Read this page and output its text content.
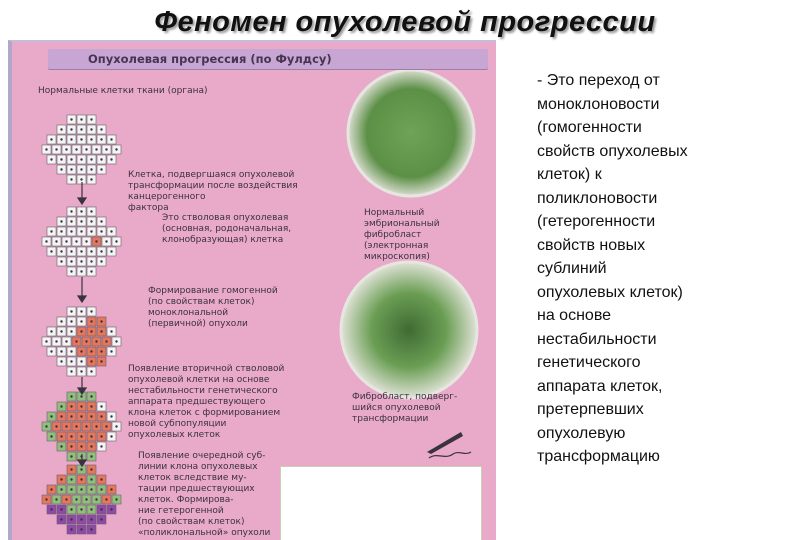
Феномен опухолевой прогрессии
Опухолевая прогрессия (по Фулдсу)
Нормальные клетки ткани (органа)
Клетка, подвергшаяся опухолевой
трансформации после воздействия
канцерогенного
фактора
Это стволовая опухолевая
(основная, родоначальная,
клонобразующая) клетка
Формирование гомогенной
(по свойствам клеток)
моноклональной
(первичной) опухоли
Появление вторичной стволовой
опухолевой клетки на основе
нестабильности генетического
аппарата предшествующего
клона клеток с формированием
новой субпопуляции
опухолевых клеток
Появление очередной суб-
линии клона опухолевых
клеток вследствие му-
тации предшествующих
клеток. Формирова-
ние гетерогенной
(по свойствам клеток)
«поликлональной» опухоли
Нормальный
эмбриональный
фибробласт
(электронная
микроскопия)
Фибробласт, подверг-
шийся опухолевой
трансформации
- Это переход от
моноклоновости
(гомогенности
свойств опухолевых
клеток) к
поликлоновости
(гетерогенности
свойств новых
сублиний
опухолевых клеток)
на основе
нестабильности
генетического
аппарата клеток,
претерпевших
опухолевую
трансформацию
